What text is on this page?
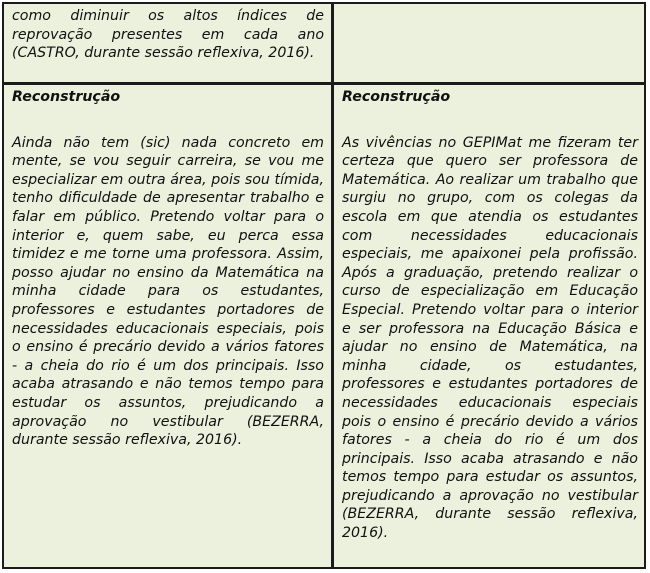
como diminuir os altos índices de reprovação presentes em cada ano (CASTRO, durante sessão reflexiva, 2016).

Reconstrução

Ainda não tem (sic) nada concreto em mente, se vou seguir carreira, se vou me especializar em outra área, pois sou tímida, tenho dificuldade de apresentar trabalho e falar em público. Pretendo voltar para o interior e, quem sabe, eu perca essa timidez e me torne uma professora. Assim, posso ajudar no ensino da Matemática na minha cidade para os estudantes, professores e estudantes portadores de necessidades educacionais especiais, pois o ensino é precário devido a vários fatores - a cheia do rio é um dos principais. Isso acaba atrasando e não temos tempo para estudar os assuntos, prejudicando a aprovação no vestibular (BEZERRA, durante sessão reflexiva, 2016).

Reconstrução

As vivências no GEPIMat me fizeram ter certeza que quero ser professora de Matemática. Ao realizar um trabalho que surgiu no grupo, com os colegas da escola em que atendia os estudantes com necessidades educacionais especiais, me apaixonei pela profissão. Após a graduação, pretendo realizar o curso de especialização em Educação Especial. Pretendo voltar para o interior e ser professora na Educação Básica e ajudar no ensino de Matemática, na minha cidade, os estudantes, professores e estudantes portadores de necessidades educacionais especiais pois o ensino é precário devido a vários fatores - a cheia do rio é um dos principais. Isso acaba atrasando e não temos tempo para estudar os assuntos, prejudicando a aprovação no vestibular (BEZERRA, durante sessão reflexiva, 2016).
